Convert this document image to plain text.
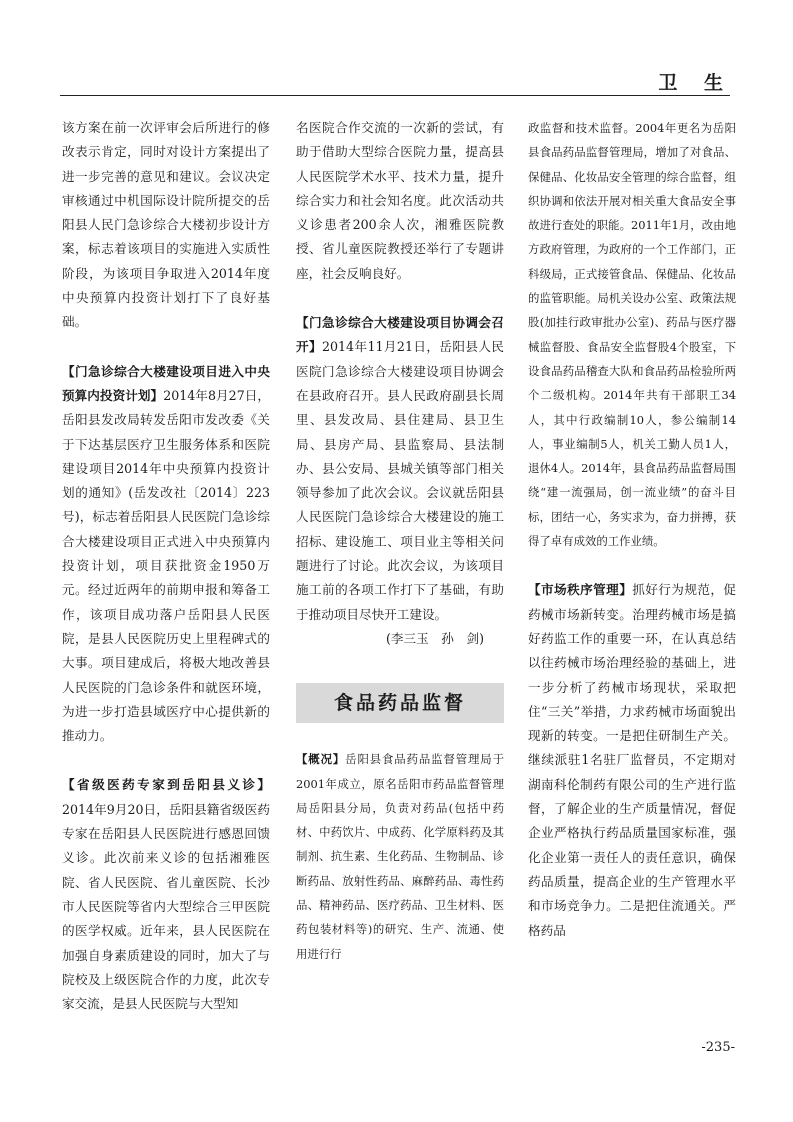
卫 生

该方案在前一次评审会后所进行的修改表示肯定，同时对设计方案提出了进一步完善的意见和建议。会议决定审核通过中机国际设计院所提交的岳阳县人民门急诊综合大楼初步设计方案，标志着该项目的实施进入实质性阶段，为该项目争取进入2014年度中央预算内投资计划打下了良好基础。

【门急诊综合大楼建设项目进入中央预算内投资计划】2014年8月27日，岳阳县发改局转发岳阳市发改委《关于下达基层医疗卫生服务体系和医院建设项目2014年中央预算内投资计划的通知》(岳发改社〔2014〕223号)，标志着岳阳县人民医院门急诊综合大楼建设项目正式进入中央预算内投资计划，项目获批资金1950万元。经过近两年的前期申报和筹备工作，该项目成功落户岳阳县人民医院，是县人民医院历史上里程碑式的大事。项目建成后，将极大地改善县人民医院的门急诊条件和就医环境，为进一步打造县域医疗中心提供新的推动力。

【省级医药专家到岳阳县义诊】2014年9月20日，岳阳县籍省级医药专家在岳阳县人民医院进行感恩回馈义诊。此次前来义诊的包括湘雅医院、省人民医院、省儿童医院、长沙市人民医院等省内大型综合三甲医院的医学权威。近年来，县人民医院在加强自身素质建设的同时，加大了与院校及上级医院合作的力度，此次专家交流，是县人民医院与大型知

名医院合作交流的一次新的尝试，有助于借助大型综合医院力量，提高县人民医院学术水平、技术力量，提升综合实力和社会知名度。此次活动共义诊患者200余人次，湘雅医院教授、省儿童医院教授还举行了专题讲座，社会反响良好。

【门急诊综合大楼建设项目协调会召开】2014年11月21日，岳阳县人民医院门急诊综合大楼建设项目协调会在县政府召开。县人民政府副县长周里、县发改局、县住建局、县卫生局、县房产局、县监察局、县法制办、县公安局、县城关镇等部门相关领导参加了此次会议。会议就岳阳县人民医院门急诊综合大楼建设的施工招标、建设施工、项目业主等相关问题进行了讨论。此次会议，为该项目施工前的各项工作打下了基础，有助于推动项目尽快开工建设。

(李三玉　孙　剑)

食品药品监督

【概况】岳阳县食品药品监督管理局于2001年成立，原名岳阳市药品监督管理局岳阳县分局，负责对药品(包括中药材、中药饮片、中成药、化学原料药及其制剂、抗生素、生化药品、生物制品、诊断药品、放射性药品、麻醉药品、毒性药品、精神药品、医疗药品、卫生材料、医药包装材料等)的研究、生产、流通、使用进行行

政监督和技术监督。2004年更名为岳阳县食品药品监督管理局，增加了对食品、保健品、化妆品安全管理的综合监督，组织协调和依法开展对相关重大食品安全事故进行查处的职能。2011年1月，改由地方政府管理，为政府的一个工作部门，正科级局，正式接管食品、保健品、化妆品的监管职能。局机关设办公室、政策法规股(加挂行政审批办公室)、药品与医疗器械监督股、食品安全监督股4个股室，下设食品药品稽查大队和食品药品检验所两个二级机构。2014年共有干部职工34人，其中行政编制10人，参公编制14人，事业编制5人，机关工勤人员1人，退休4人。2014年，县食品药品监督局围绕“建一流强局，创一流业绩”的奋斗目标，团结一心，务实求为，奋力拼搏，获得了卓有成效的工作业绩。

【市场秩序管理】抓好行为规范，促药械市场新转变。治理药械市场是搞好药监工作的重要一环，在认真总结以往药械市场治理经验的基础上，进一步分析了药械市场现状，采取把住“三关”举措，力求药械市场面貌出现新的转变。一是把住研制生产关。继续派驻1名驻厂监督员，不定期对湖南科伦制药有限公司的生产进行监督，了解企业的生产质量情况，督促企业严格执行药品质量国家标准，强化企业第一责任人的责任意识，确保药品质量，提高企业的生产管理水平和市场竞争力。二是把住流通关。严格药品

-235-
